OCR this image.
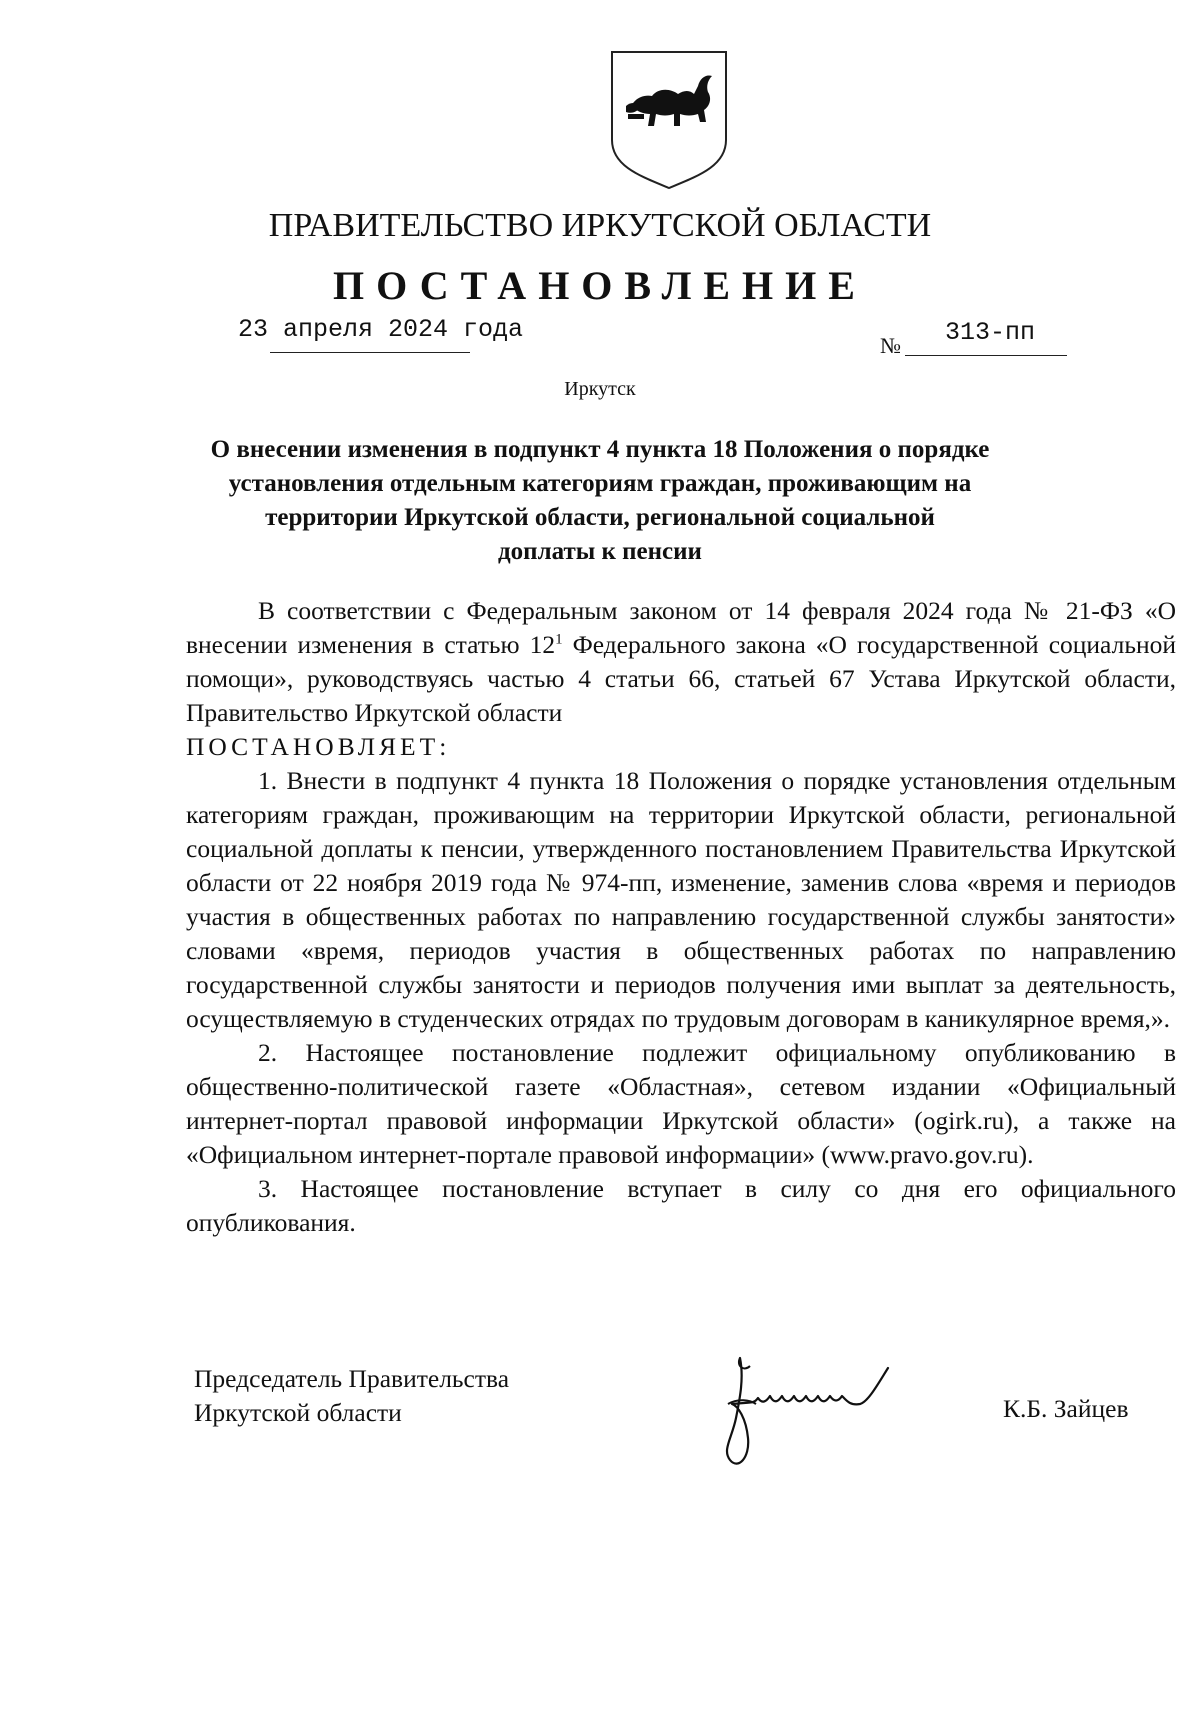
ПРАВИТЕЛЬСТВО ИРКУТСКОЙ ОБЛАСТИ
ПОСТАНОВЛЕНИЕ
23 апреля 2024 года
№ 313-пп
Иркутск
О внесении изменения в подпункт 4 пункта 18 Положения о порядке
установления отдельным категориям граждан, проживающим на
территории Иркутской области, региональной социальной
доплаты к пенсии

В соответствии с Федеральным законом от 14 февраля 2024 года № 21-ФЗ «О внесении изменения в статью $12^1$ Федерального закона «О государственной социальной помощи», руководствуясь частью 4 статьи 66, статьей 67 Устава Иркутской области, Правительство Иркутской области

ПОСТАНОВЛЯЕТ:

1. Внести в подпункт 4 пункта 18 Положения о порядке установления отдельным категориям граждан, проживающим на территории Иркутской области, региональной социальной доплаты к пенсии, утвержденного постановлением Правительства Иркутской области от 22 ноября 2019 года № 974-пп, изменение, заменив слова «время и периодов участия в общественных работах по направлению государственной службы занятости» словами «время, периодов участия в общественных работах по направлению государственной службы занятости и периодов получения ими выплат за деятельность, осуществляемую в студенческих отрядах по трудовым договорам в каникулярное время,».

2. Настоящее постановление подлежит официальному опубликованию в общественно-политической газете «Областная», сетевом издании «Официальный интернет-портал правовой информации Иркутской области» (ogirk.ru), а также на «Официальном интернет-портале правовой информации» (www.pravo.gov.ru).

3. Настоящее постановление вступает в силу со дня его официального опубликования.

Председатель Правительства
Иркутской области	К.Б. Зайцев
